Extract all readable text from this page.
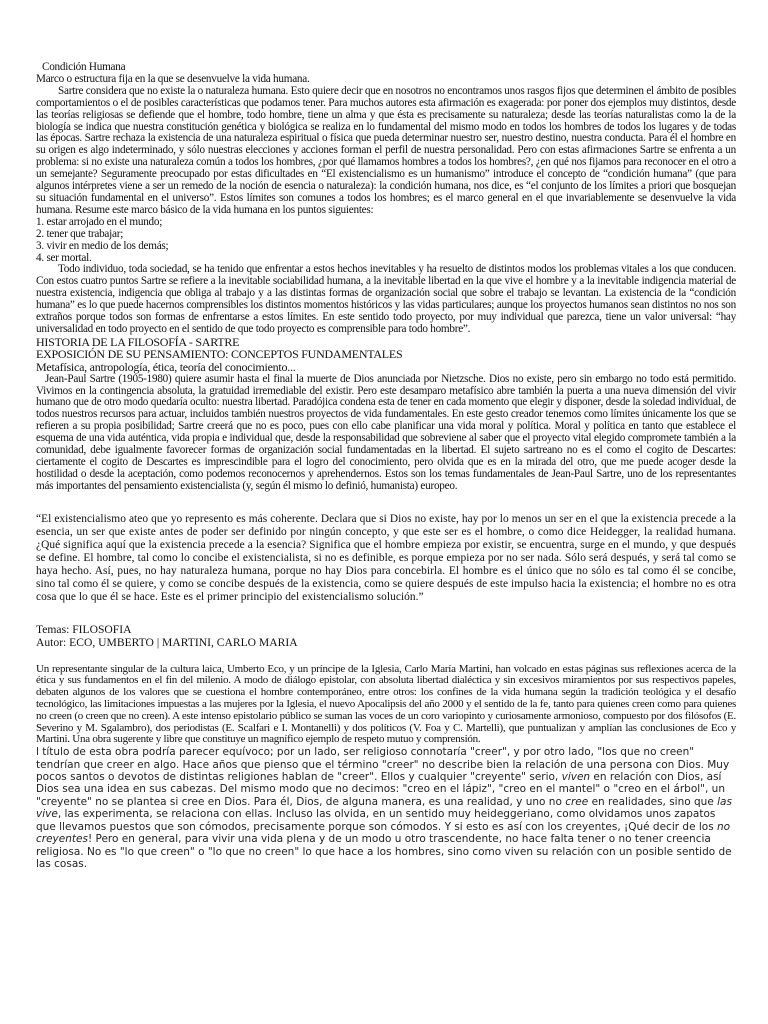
Condición Humana

Marco o estructura fija en la que se desenvuelve la vida humana.

Sartre considera que no existe la o naturaleza humana. Esto quiere decir que en nosotros no encontramos unos rasgos fijos que determinen el ámbito de posibles comportamientos o el de posibles características que podamos tener. Para muchos autores esta afirmación es exagerada: por poner dos ejemplos muy distintos, desde las teorías religiosas se defiende que el hombre, todo hombre, tiene un alma y que ésta es precisamente su naturaleza; desde las teorías naturalistas como la de la biología se indica que nuestra constitución genética y biológica se realiza en lo fundamental del mismo modo en todos los hombres de todos los lugares y de todas las épocas. Sartre rechaza la existencia de una naturaleza espiritual o física que pueda determinar nuestro ser, nuestro destino, nuestra conducta. Para él el hombre en su origen es algo indeterminado, y sólo nuestras elecciones y acciones forman el perfil de nuestra personalidad. Pero con estas afirmaciones Sartre se enfrenta a un problema: si no existe una naturaleza común a todos los hombres, ¿por qué llamamos hombres a todos los hombres?, ¿en qué nos fijamos para reconocer en el otro a un semejante? Seguramente preocupado por estas dificultades en “El existencialismo es un humanismo” introduce el concepto de “condición humana” (que para algunos intérpretes viene a ser un remedo de la noción de esencia o naturaleza): la condición humana, nos dice, es “el conjunto de los límites a priori que bosquejan su situación fundamental en el universo”. Estos límites son comunes a todos los hombres; es el marco general en el que invariablemente se desenvuelve la vida humana. Resume este marco básico de la vida humana en los puntos siguientes:

1. estar arrojado en el mundo;

2. tener que trabajar;

3. vivir en medio de los demás;

4. ser mortal.

Todo individuo, toda sociedad, se ha tenido que enfrentar a estos hechos inevitables y ha resuelto de distintos modos los problemas vitales a los que conducen. Con estos cuatro puntos Sartre se refiere a la inevitable sociabilidad humana, a la inevitable libertad en la que vive el hombre y a la inevitable indigencia material de nuestra existencia, indigencia que obliga al trabajo y a las distintas formas de organización social que sobre el trabajo se levantan. La existencia de la “condición humana” es lo que puede hacernos comprensibles los distintos momentos históricos y las vidas particulares; aunque los proyectos humanos sean distintos no nos son extraños porque todos son formas de enfrentarse a estos límites. En este sentido todo proyecto, por muy individual que parezca, tiene un valor universal: “hay universalidad en todo proyecto en el sentido de que todo proyecto es comprensible para todo hombre”.

HISTORIA DE LA FILOSOFÍA - SARTRE

EXPOSICIÓN DE SU PENSAMIENTO: CONCEPTOS FUNDAMENTALES

Metafísica, antropología, ética, teoría del conocimiento...

Jean-Paul Sartre (1905-1980) quiere asumir hasta el final la muerte de Dios anunciada por Nietzsche. Dios no existe, pero sin embargo no todo está permitido. Vivimos en la contingencia absoluta, la gratuidad irremediable del existir. Pero este desamparo metafísico abre también la puerta a una nueva dimensión del vivir humano que de otro modo quedaría oculto: nuestra libertad. Paradójica condena esta de tener en cada momento que elegir y disponer, desde la soledad individual, de todos nuestros recursos para actuar, incluidos también nuestros proyectos de vida fundamentales. En este gesto creador tenemos como límites únicamente los que se refieren a su propia posibilidad; Sartre creerá que no es poco, pues con ello cabe planificar una vida moral y política. Moral y política en tanto que establece el esquema de una vida auténtica, vida propia e individual que, desde la responsabilidad que sobreviene al saber que el proyecto vital elegido compromete también a la comunidad, debe igualmente favorecer formas de organización social fundamentadas en la libertad. El sujeto sartreano no es el como el cogito de Descartes: ciertamente el cogito de Descartes es imprescindible para el logro del conocimiento, pero olvida que es en la mirada del otro, que me puede acoger desde la hostilidad o desde la aceptación, como podemos reconocernos y aprehendernos. Estos son los temas fundamentales de Jean-Paul Sartre, uno de los representantes más importantes del pensamiento existencialista (y, según él mismo lo definió, humanista) europeo.

“El existencialismo ateo que yo represento es más coherente. Declara que si Dios no existe, hay por lo menos un ser en el que la existencia precede a la esencia, un ser que existe antes de poder ser definido por ningún concepto, y que este ser es el hombre, o como dice Heidegger, la realidad humana. ¿Qué significa aquí que la existencia precede a la esencia? Significa que el hombre empieza por existir, se encuentra, surge en el mundo, y que después se define. El hombre, tal como lo concibe el existencialista, si no es definible, es porque empieza por no ser nada. Sólo será después, y será tal como se haya hecho. Así, pues, no hay naturaleza humana, porque no hay Dios para concebirla. El hombre es el único que no sólo es tal como él se concibe, sino tal como él se quiere, y como se concibe después de la existencia, como se quiere después de este impulso hacia la existencia; el hombre no es otra cosa que lo que él se hace. Este es el primer principio del existencialismo solución.”

Temas: FILOSOFIA

Autor: ECO, UMBERTO | MARTINI, CARLO MARIA

Un representante singular de la cultura laica, Umberto Eco, y un príncipe de la Iglesia, Carlo María Martini, han volcado en estas páginas sus reflexiones acerca de la ética y sus fundamentos en el fin del milenio. A modo de diálogo epistolar, con absoluta libertad dialéctica y sin excesivos miramientos por sus respectivos papeles, debaten algunos de los valores que se cuestiona el hombre contemporáneo, entre otros: los confines de la vida humana según la tradición teológica y el desafío tecnológico, las limitaciones impuestas a las mujeres por la Iglesia, el nuevo Apocalipsis del año 2000 y el sentido de la fe, tanto para quienes creen como para quienes no creen (o creen que no creen). A este intenso epistolario público se suman las voces de un coro variopinto y curiosamente armonioso, compuesto por dos filósofos (E. Severino y M. Sgalambro), dos periodistas (E. Scalfari e I. Montanelli) y dos políticos (V. Foa y C. Martelli), que puntualizan y amplían las conclusiones de Eco y Martini. Una obra sugerente y libre que constituye un magnífico ejemplo de respeto mutuo y comprensión.

l título de esta obra podría parecer equívoco; por un lado, ser religioso connotaría "creer", y por otro lado, "los que no creen" tendrían que creer en algo. Hace años que pienso que el término "creer" no describe bien la relación de una persona con Dios. Muy pocos santos o devotos de distintas religiones hablan de "creer". Ellos y cualquier "creyente" serio, viven en relación con Dios, así Dios sea una idea en sus cabezas. Del mismo modo que no decimos: "creo en el lápiz", "creo en el mantel" o "creo en el árbol", un "creyente" no se plantea si cree en Dios. Para él, Dios, de alguna manera, es una realidad, y uno no cree en realidades, sino que las vive, las experimenta, se relaciona con ellas. Incluso las olvida, en un sentido muy heideggeriano, como olvidamos unos zapatos que llevamos puestos que son cómodos, precisamente porque son cómodos. Y si esto es así con los creyentes, ¡Qué decir de los no creyentes! Pero en general, para vivir una vida plena y de un modo u otro trascendente, no hace falta tener o no tener creencia religiosa. No es "lo que creen" o "lo que no creen" lo que hace a los hombres, sino como viven su relación con un posible sentido de las cosas.
